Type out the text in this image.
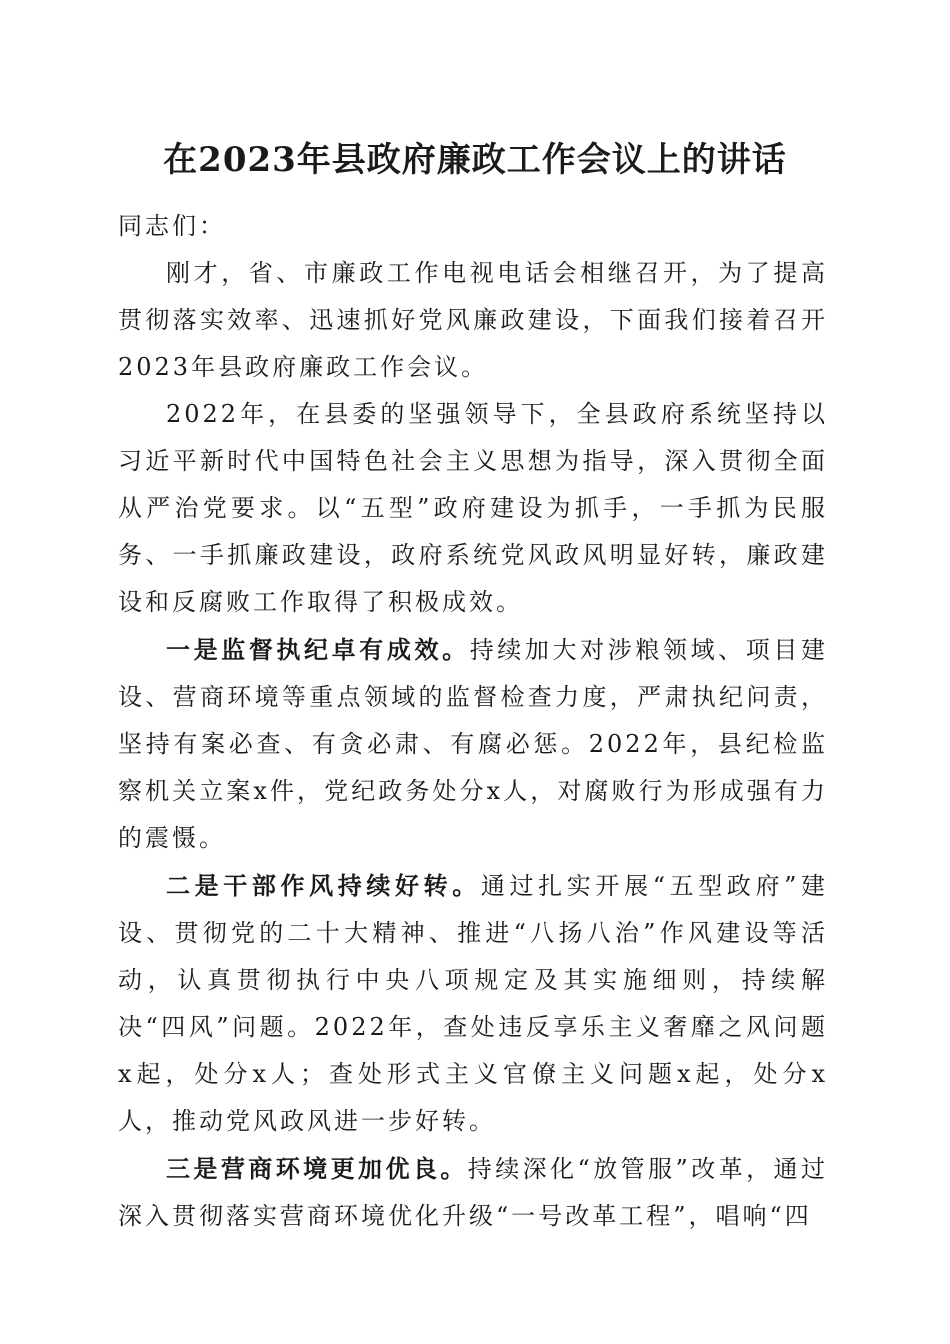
在2023年县政府廉政工作会议上的讲话

同志们：

刚才，省、市廉政工作电视电话会相继召开，为了提高贯彻落实效率、迅速抓好党风廉政建设，下面我们接着召开2023年县政府廉政工作会议。

2022年，在县委的坚强领导下，全县政府系统坚持以习近平新时代中国特色社会主义思想为指导，深入贯彻全面从严治党要求。以“五型”政府建设为抓手，一手抓为民服务、一手抓廉政建设，政府系统党风政风明显好转，廉政建设和反腐败工作取得了积极成效。

一是监督执纪卓有成效。持续加大对涉粮领域、项目建设、营商环境等重点领域的监督检查力度，严肃执纪问责，坚持有案必查、有贪必肃、有腐必惩。2022年，县纪检监察机关立案x件，党纪政务处分x人，对腐败行为形成强有力的震慑。

二是干部作风持续好转。通过扎实开展“五型政府”建设、贯彻党的二十大精神、推进“八扬八治”作风建设等活动，认真贯彻执行中央八项规定及其实施细则，持续解决“四风”问题。2022年，查处违反享乐主义奢靡之风问题x起，处分x人；查处形式主义官僚主义问题x起，处分x人，推动党风政风进一步好转。

三是营商环境更加优良。持续深化“放管服”改革，通过深入贯彻落实营商环境优化升级“一号改革工程”，唱响“四
